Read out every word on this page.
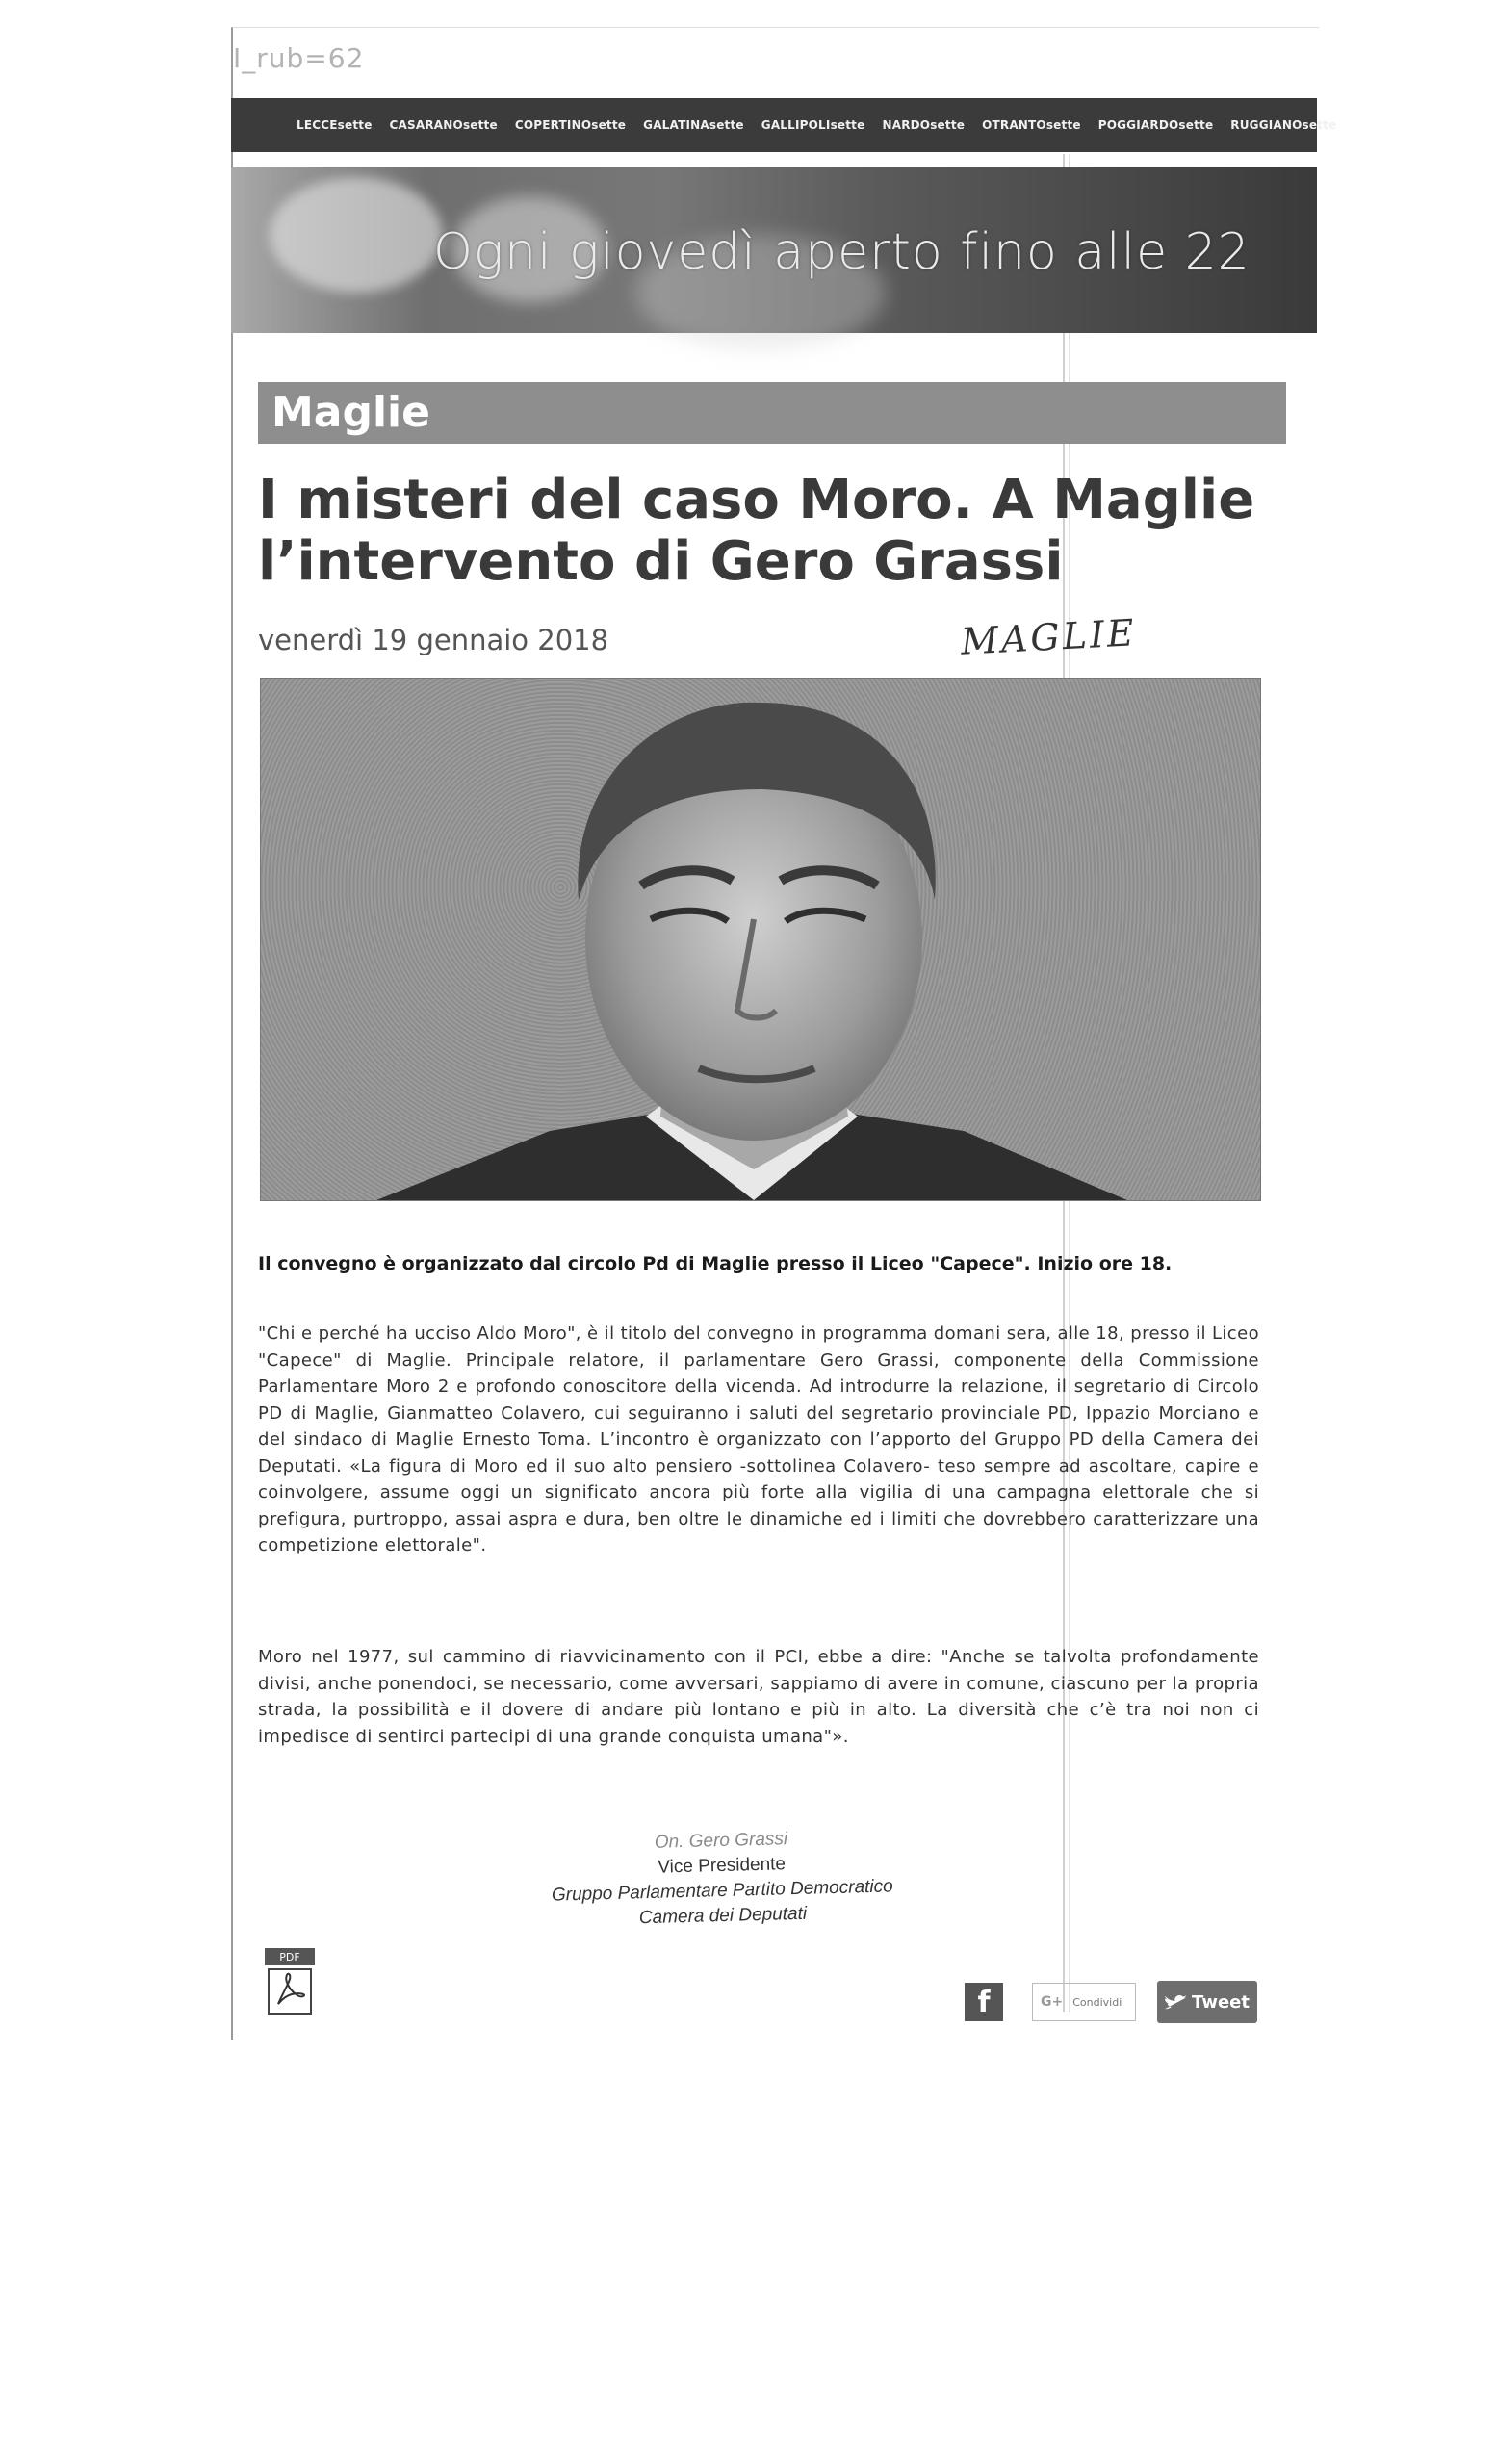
I_rub=62
LECCEsette CASARANOsette COPERTINOsette GALATINAsette GALLIPOLIsette NARDOsette OTRANTOsette POGGIARDOsette RUGGIANOsette
Ogni giovedì aperto fino alle 22
Maglie
I misteri del caso Moro. A Maglie l’intervento di Gero Grassi
venerdì 19 gennaio 2018	MAGLIE
Il convegno è organizzato dal circolo Pd di Maglie presso il Liceo "Capece". Inizio ore 18.

"Chi e perché ha ucciso Aldo Moro", è il titolo del convegno in programma domani sera, alle 18, presso il Liceo "Capece" di Maglie. Principale relatore, il parlamentare Gero Grassi, componente della Commissione Parlamentare Moro 2 e profondo conoscitore della vicenda. Ad introdurre la relazione, il segretario di Circolo PD di Maglie, Gianmatteo Colavero, cui seguiranno i saluti del segretario provinciale PD, Ippazio Morciano e del sindaco di Maglie Ernesto Toma. L’incontro è organizzato con l’apporto del Gruppo PD della Camera dei Deputati. «La figura di Moro ed il suo alto pensiero -sottolinea Colavero- teso sempre ad ascoltare, capire e coinvolgere, assume oggi un significato ancora più forte alla vigilia di una campagna elettorale che si prefigura, purtroppo, assai aspra e dura, ben oltre le dinamiche ed i limiti che dovrebbero caratterizzare una competizione elettorale".

Moro nel 1977, sul cammino di riavvicinamento con il PCI, ebbe a dire: "Anche se talvolta profondamente divisi, anche ponendoci, se necessario, come avversari, sappiamo di avere in comune, ciascuno per la propria strada, la possibilità e il dovere di andare più lontano e più in alto. La diversità che c’è tra noi non ci impedisce di sentirci partecipi di una grande conquista umana"».

On. Gero Grassi
Vice Presidente
Gruppo Parlamentare Partito Democratico
Camera dei Deputati
PDF
f	G+ Condividi	Tweet
